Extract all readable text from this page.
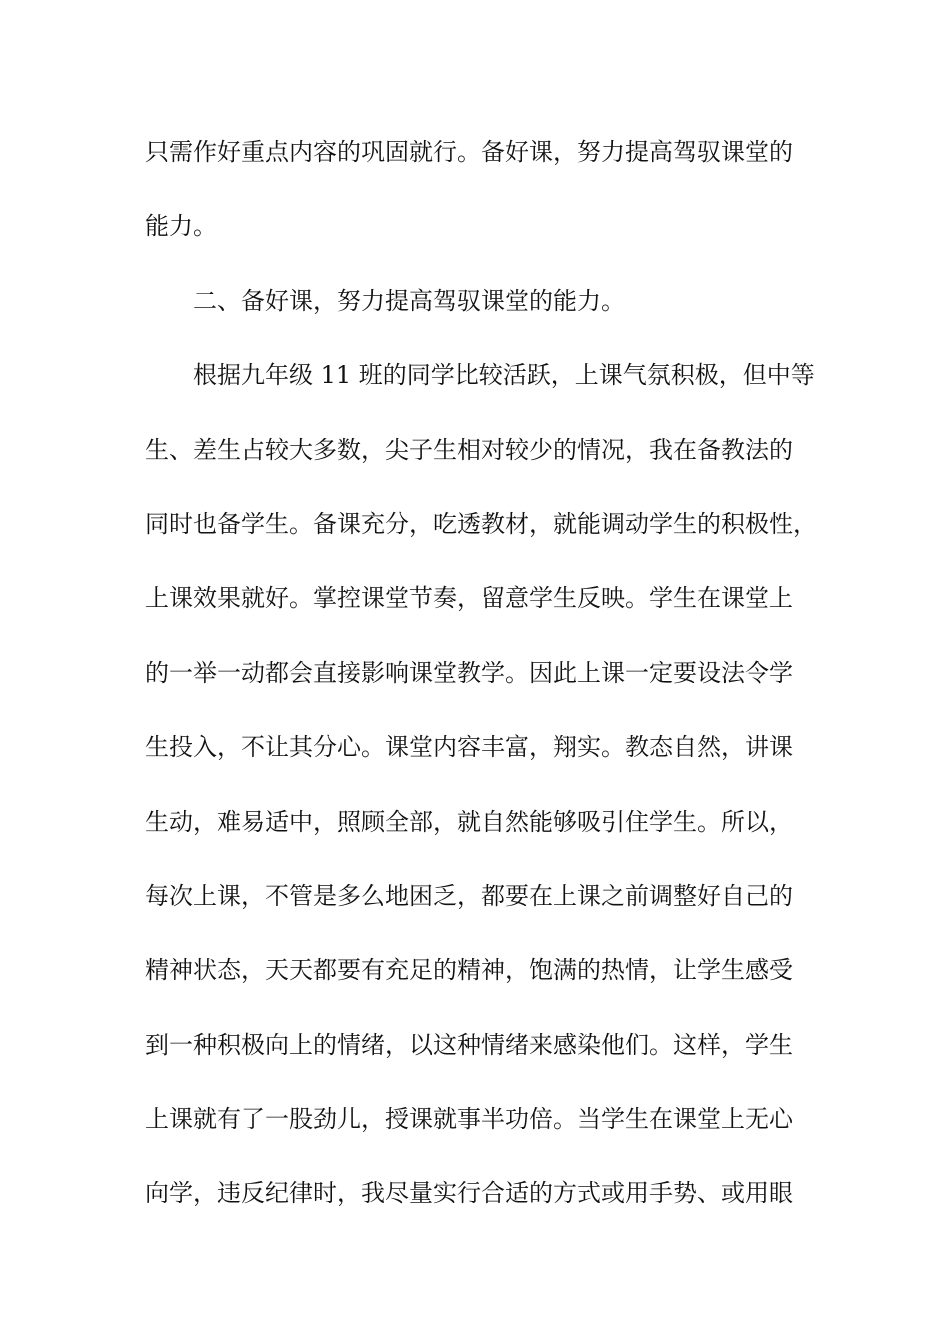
只需作好重点内容的巩固就行。备好课，努力提高驾驭课堂的
能力。
二、备好课，努力提高驾驭课堂的能力。
根据九年级 11 班的同学比较活跃，上课气氛积极，但中等
生、差生占较大多数，尖子生相对较少的情况，我在备教法的
同时也备学生。备课充分，吃透教材，就能调动学生的积极性，
上课效果就好。掌控课堂节奏，留意学生反映。学生在课堂上
的一举一动都会直接影响课堂教学。因此上课一定要设法令学
生投入，不让其分心。课堂内容丰富，翔实。教态自然，讲课
生动，难易适中，照顾全部，就自然能够吸引住学生。所以，
每次上课，不管是多么地困乏，都要在上课之前调整好自己的
精神状态，天天都要有充足的精神，饱满的热情，让学生感受
到一种积极向上的情绪，以这种情绪来感染他们。这样，学生
上课就有了一股劲儿，授课就事半功倍。当学生在课堂上无心
向学，违反纪律时，我尽量实行合适的方式或用手势、或用眼
